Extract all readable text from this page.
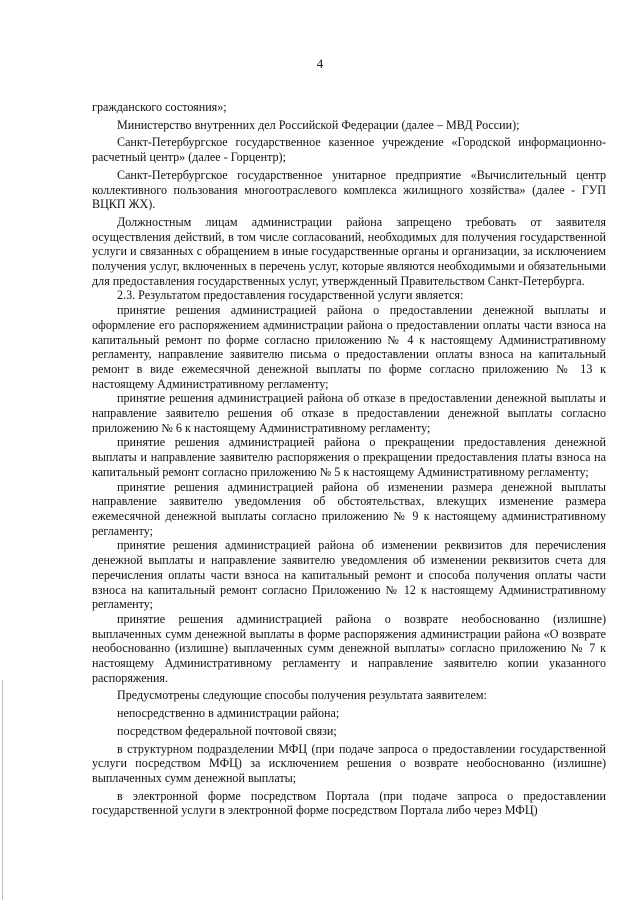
4

гражданского состояния»;

Министерство внутренних дел Российской Федерации (далее – МВД России);

Санкт-Петербургское государственное казенное учреждение «Городской информационно-расчетный центр» (далее - Горцентр);

Санкт-Петербургское государственное унитарное предприятие «Вычислительный центр коллективного пользования многоотраслевого комплекса жилищного хозяйства» (далее - ГУП ВЦКП ЖХ).

Должностным лицам администрации района запрещено требовать от заявителя осуществления действий, в том числе согласований, необходимых для получения государственной услуги и связанных с обращением в иные государственные органы и организации, за исключением получения услуг, включенных в перечень услуг, которые являются необходимыми и обязательными для предоставления государственных услуг, утвержденный Правительством Санкт-Петербурга.

2.3. Результатом предоставления государственной услуги является:

принятие решения администрацией района о предоставлении денежной выплаты и оформление его распоряжением администрации района о предоставлении оплаты части взноса на капитальный ремонт по форме согласно приложению № 4 к настоящему Административному регламенту, направление заявителю письма о предоставлении оплаты взноса на капитальный ремонт в виде ежемесячной денежной выплаты по форме согласно приложению № 13 к настоящему Административному регламенту;

принятие решения администрацией района об отказе в предоставлении денежной выплаты и направление заявителю решения об отказе в предоставлении денежной выплаты согласно приложению № 6 к настоящему Административному регламенту;

принятие решения администрацией района о прекращении предоставления денежной выплаты и направление заявителю распоряжения о прекращении предоставления платы взноса на капитальный ремонт согласно приложению № 5 к настоящему Административному регламенту;

принятие решения администрацией района об изменении размера денежной выплаты направление заявителю уведомления об обстоятельствах, влекущих изменение размера ежемесячной денежной выплаты согласно приложению № 9 к настоящему административному регламенту;

принятие решения администрацией района об изменении реквизитов для перечисления денежной выплаты и направление заявителю уведомления об изменении реквизитов счета для перечисления оплаты части взноса на капитальный ремонт и способа получения оплаты части взноса на капитальный ремонт согласно Приложению № 12 к настоящему Административному регламенту;

принятие решения администрацией района о возврате необоснованно (излишне) выплаченных сумм денежной выплаты в форме распоряжения администрации района «О возврате необоснованно (излишне) выплаченных сумм денежной выплаты» согласно приложению № 7 к настоящему Административному регламенту и направление заявителю копии указанного распоряжения.

Предусмотрены следующие способы получения результата заявителем:

непосредственно в администрации района;

посредством федеральной почтовой связи;

в структурном подразделении МФЦ (при подаче запроса о предоставлении государственной услуги посредством МФЦ) за исключением решения о возврате необоснованно (излишне) выплаченных сумм денежной выплаты;

в электронной форме посредством Портала (при подаче запроса о предоставлении государственной услуги в электронной форме посредством Портала либо через МФЦ)
